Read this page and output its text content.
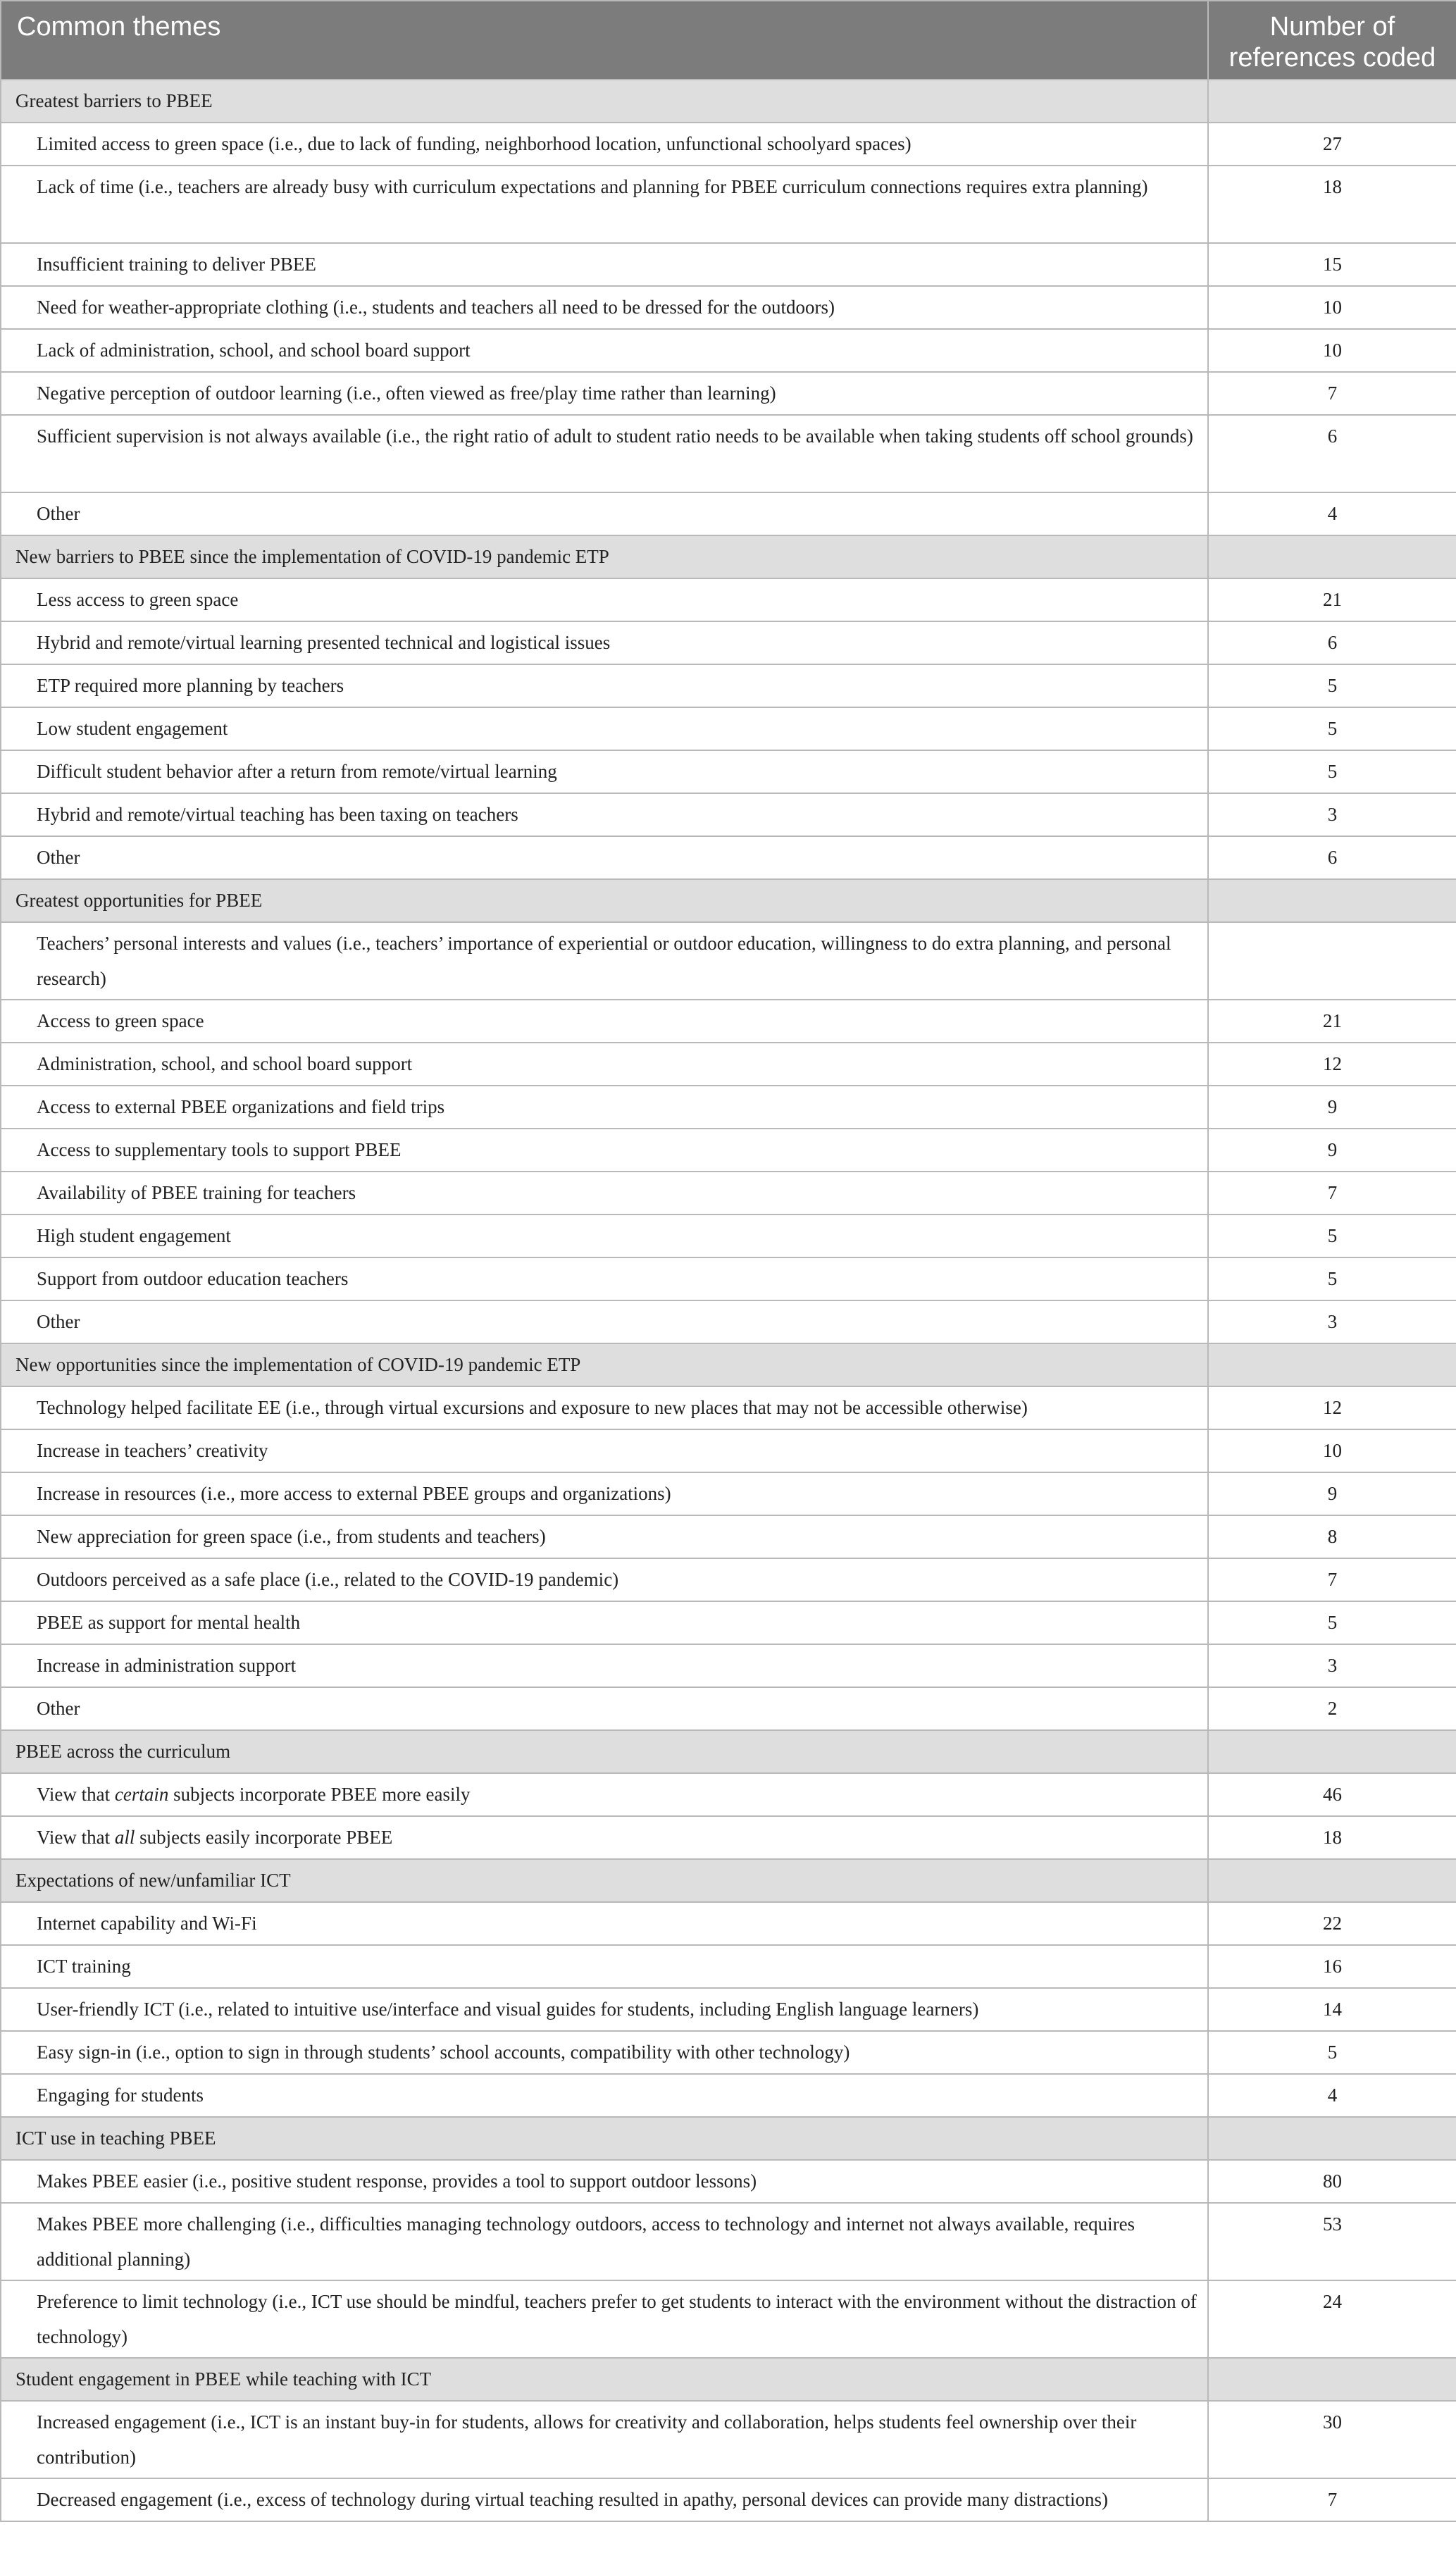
Common themes	Number of references coded
Greatest barriers to PBEE	
Limited access to green space (i.e., due to lack of funding, neighborhood location, unfunctional schoolyard spaces)	27
Lack of time (i.e., teachers are already busy with curriculum expectations and planning for PBEE curriculum connections requires extra planning)	18
Insufficient training to deliver PBEE	15
Need for weather-appropriate clothing (i.e., students and teachers all need to be dressed for the outdoors)	10
Lack of administration, school, and school board support	10
Negative perception of outdoor learning (i.e., often viewed as free/play time rather than learning)	7
Sufficient supervision is not always available (i.e., the right ratio of adult to student ratio needs to be available when taking students off school grounds)	6
Other	4
New barriers to PBEE since the implementation of COVID-19 pandemic ETP	
Less access to green space	21
Hybrid and remote/virtual learning presented technical and logistical issues	6
ETP required more planning by teachers	5
Low student engagement	5
Difficult student behavior after a return from remote/virtual learning	5
Hybrid and remote/virtual teaching has been taxing on teachers	3
Other	6
Greatest opportunities for PBEE	
Teachers’ personal interests and values (i.e., teachers’ importance of experiential or outdoor education, willingness to do extra planning, and personal research)	
Access to green space	21
Administration, school, and school board support	12
Access to external PBEE organizations and field trips	9
Access to supplementary tools to support PBEE	9
Availability of PBEE training for teachers	7
High student engagement	5
Support from outdoor education teachers	5
Other	3
New opportunities since the implementation of COVID-19 pandemic ETP	
Technology helped facilitate EE (i.e., through virtual excursions and exposure to new places that may not be accessible otherwise)	12
Increase in teachers’ creativity	10
Increase in resources (i.e., more access to external PBEE groups and organizations)	9
New appreciation for green space (i.e., from students and teachers)	8
Outdoors perceived as a safe place (i.e., related to the COVID-19 pandemic)	7
PBEE as support for mental health	5
Increase in administration support	3
Other	2
PBEE across the curriculum	
View that certain subjects incorporate PBEE more easily	46
View that all subjects easily incorporate PBEE	18
Expectations of new/unfamiliar ICT	
Internet capability and Wi-Fi	22
ICT training	16
User-friendly ICT (i.e., related to intuitive use/interface and visual guides for students, including English language learners)	14
Easy sign-in (i.e., option to sign in through students’ school accounts, compatibility with other technology)	5
Engaging for students	4
ICT use in teaching PBEE	
Makes PBEE easier (i.e., positive student response, provides a tool to support outdoor lessons)	80
Makes PBEE more challenging (i.e., difficulties managing technology outdoors, access to technology and internet not always available, requires additional planning)	53
Preference to limit technology (i.e., ICT use should be mindful, teachers prefer to get students to interact with the environment without the distraction of technology)	24
Student engagement in PBEE while teaching with ICT	
Increased engagement (i.e., ICT is an instant buy-in for students, allows for creativity and collaboration, helps students feel ownership over their contribution)	30
Decreased engagement (i.e., excess of technology during virtual teaching resulted in apathy, personal devices can provide many distractions)	7
